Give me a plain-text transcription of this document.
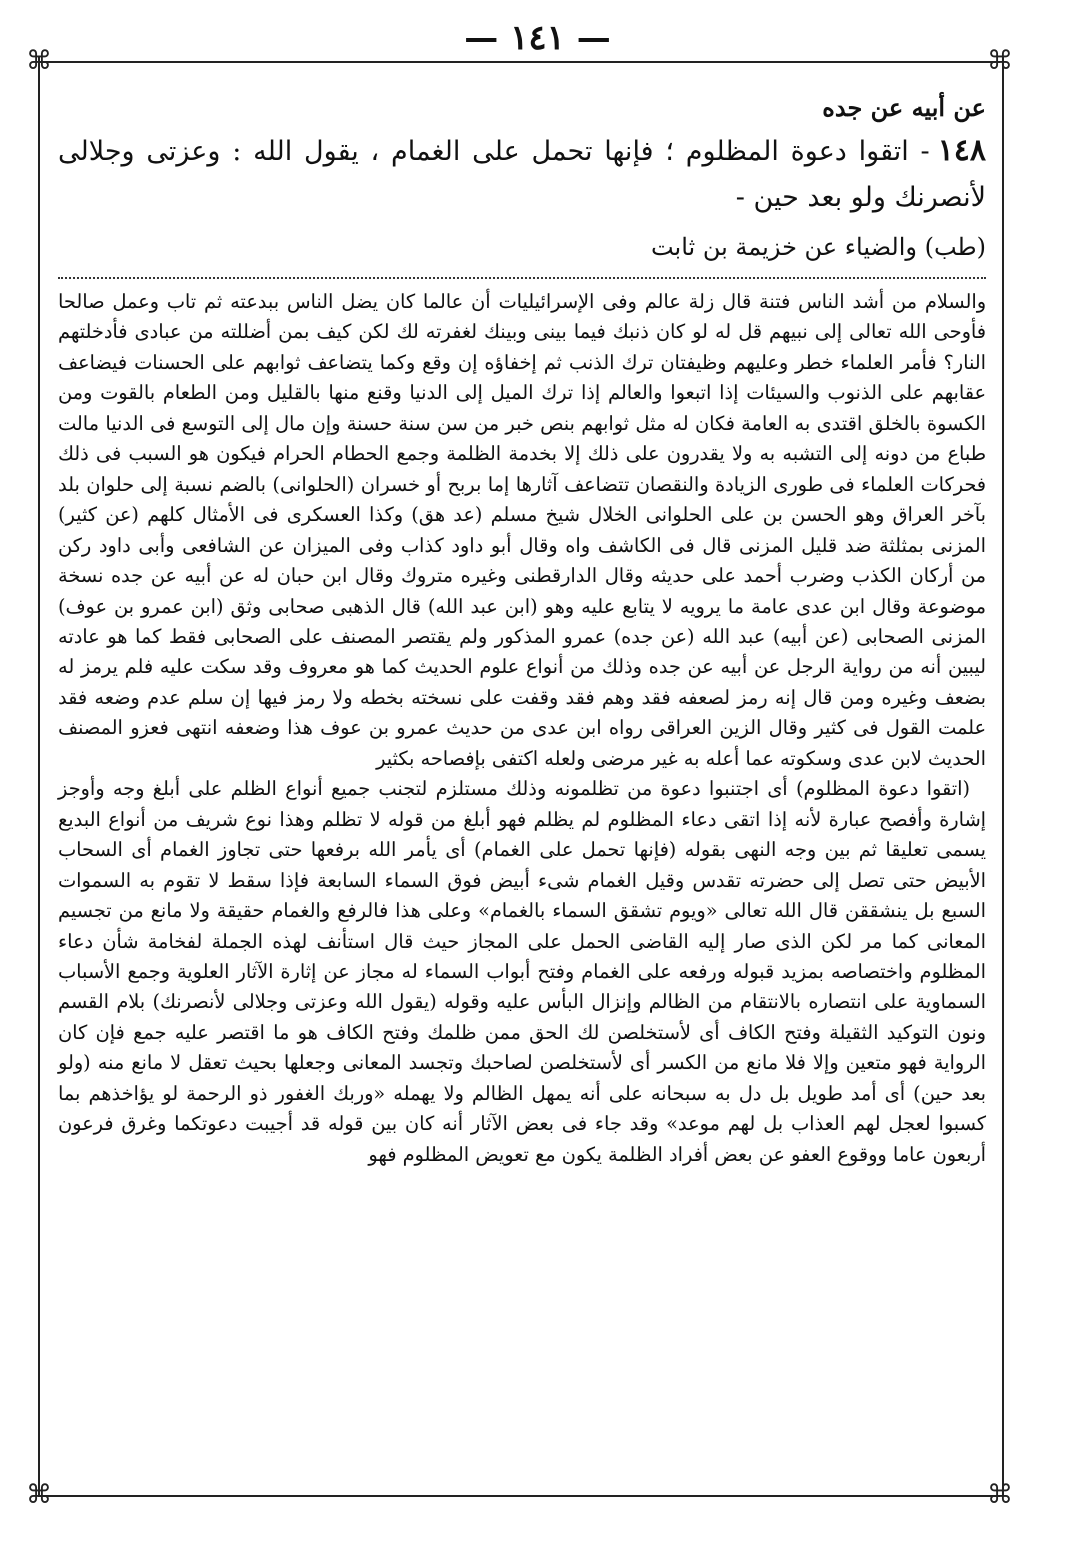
— ١٤١ —
⌘	⌘
⌘	⌘
عن أبيه عن جده

١٤٨- اتقوا دعوة المظلوم ؛ فإنها تحمل على الغمام ، يقول الله : وعزتى وجلالى لأنصرنك ولو بعد حين -

(طب) والضياء عن خزيمة بن ثابت

والسلام من أشد الناس فتنة قال زلة عالم وفى الإسرائيليات أن عالما كان يضل الناس ببدعته ثم تاب وعمل صالحا فأوحى الله تعالى إلى نبيهم قل له لو كان ذنبك فيما بينى وبينك لغفرته لك لكن كيف بمن أضللته من عبادى فأدخلتهم النار؟ فأمر العلماء خطر وعليهم وظيفتان ترك الذنب ثم إخفاؤه إن وقع وكما يتضاعف ثوابهم على الحسنات فيضاعف عقابهم على الذنوب والسيئات إذا اتبعوا والعالم إذا ترك الميل إلى الدنيا وقنع منها بالقليل ومن الطعام بالقوت ومن الكسوة بالخلق اقتدى به العامة فكان له مثل ثوابهم بنص خبر من سن سنة حسنة وإن مال إلى التوسع فى الدنيا مالت طباع من دونه إلى التشبه به ولا يقدرون على ذلك إلا بخدمة الظلمة وجمع الحطام الحرام فيكون هو السبب فى ذلك فحركات العلماء فى طورى الزيادة والنقصان تتضاعف آثارها إما بربح أو خسران (الحلوانى) بالضم نسبة إلى حلوان بلد بآخر العراق وهو الحسن بن على الحلوانى الخلال شيخ مسلم (عد هق) وكذا العسكرى فى الأمثال كلهم (عن كثير) المزنى بمثلثة ضد قليل المزنى قال فى الكاشف واه وقال أبو داود كذاب وفى الميزان عن الشافعى وأبى داود ركن من أركان الكذب وضرب أحمد على حديثه وقال الدارقطنى وغيره متروك وقال ابن حبان له عن أبيه عن جده نسخة موضوعة وقال ابن عدى عامة ما يرويه لا يتابع عليه وهو (ابن عبد الله) قال الذهبى صحابى وثق (ابن عمرو بن عوف) المزنى الصحابى (عن أبيه) عبد الله (عن جده) عمرو المذكور ولم يقتصر المصنف على الصحابى فقط كما هو عادته ليبين أنه من رواية الرجل عن أبيه عن جده وذلك من أنواع علوم الحديث كما هو معروف وقد سكت عليه فلم يرمز له بضعف وغيره ومن قال إنه رمز لصعفه فقد وهم فقد وقفت على نسخته بخطه ولا رمز فيها إن سلم عدم وضعه فقد علمت القول فى كثير وقال الزين العراقى رواه ابن عدى من حديث عمرو بن عوف هذا وضعفه انتهى فعزو المصنف الحديث لابن عدى وسكوته عما أعله به غير مرضى ولعله اكتفى بإفصاحه بكثير

(اتقوا دعوة المظلوم) أى اجتنبوا دعوة من تظلمونه وذلك مستلزم لتجنب جميع أنواع الظلم على أبلغ وجه وأوجز إشارة وأفصح عبارة لأنه إذا اتقى دعاء المظلوم لم يظلم فهو أبلغ من قوله لا تظلم وهذا نوع شريف من أنواع البديع يسمى تعليقا ثم بين وجه النهى بقوله (فإنها تحمل على الغمام) أى يأمر الله برفعها حتى تجاوز الغمام أى السحاب الأبيض حتى تصل إلى حضرته تقدس وقيل الغمام شىء أبيض فوق السماء السابعة فإذا سقط لا تقوم به السموات السبع بل ينشققن قال الله تعالى «ويوم تشقق السماء بالغمام» وعلى هذا فالرفع والغمام حقيقة ولا مانع من تجسيم المعانى كما مر لكن الذى صار إليه القاضى الحمل على المجاز حيث قال استأنف لهذه الجملة لفخامة شأن دعاء المظلوم واختصاصه بمزيد قبوله ورفعه على الغمام وفتح أبواب السماء له مجاز عن إثارة الآثار العلوية وجمع الأسباب السماوية على انتصاره بالانتقام من الظالم وإنزال البأس عليه وقوله (يقول الله وعزتى وجلالى لأنصرنك) بلام القسم ونون التوكيد الثقيلة وفتح الكاف أى لأستخلصن لك الحق ممن ظلمك وفتح الكاف هو ما اقتصر عليه جمع فإن كان الرواية فهو متعين وإلا فلا مانع من الكسر أى لأستخلصن لصاحبك وتجسد المعانى وجعلها بحيث تعقل لا مانع منه (ولو بعد حين) أى أمد طويل بل دل به سبحانه على أنه يمهل الظالم ولا يهمله «وربك الغفور ذو الرحمة لو يؤاخذهم بما كسبوا لعجل لهم العذاب بل لهم موعد» وقد جاء فى بعض الآثار أنه كان بين قوله قد أجيبت دعوتكما وغرق فرعون أربعون عاما ووقوع العفو عن بعض أفراد الظلمة يكون مع تعويض المظلوم فهو
